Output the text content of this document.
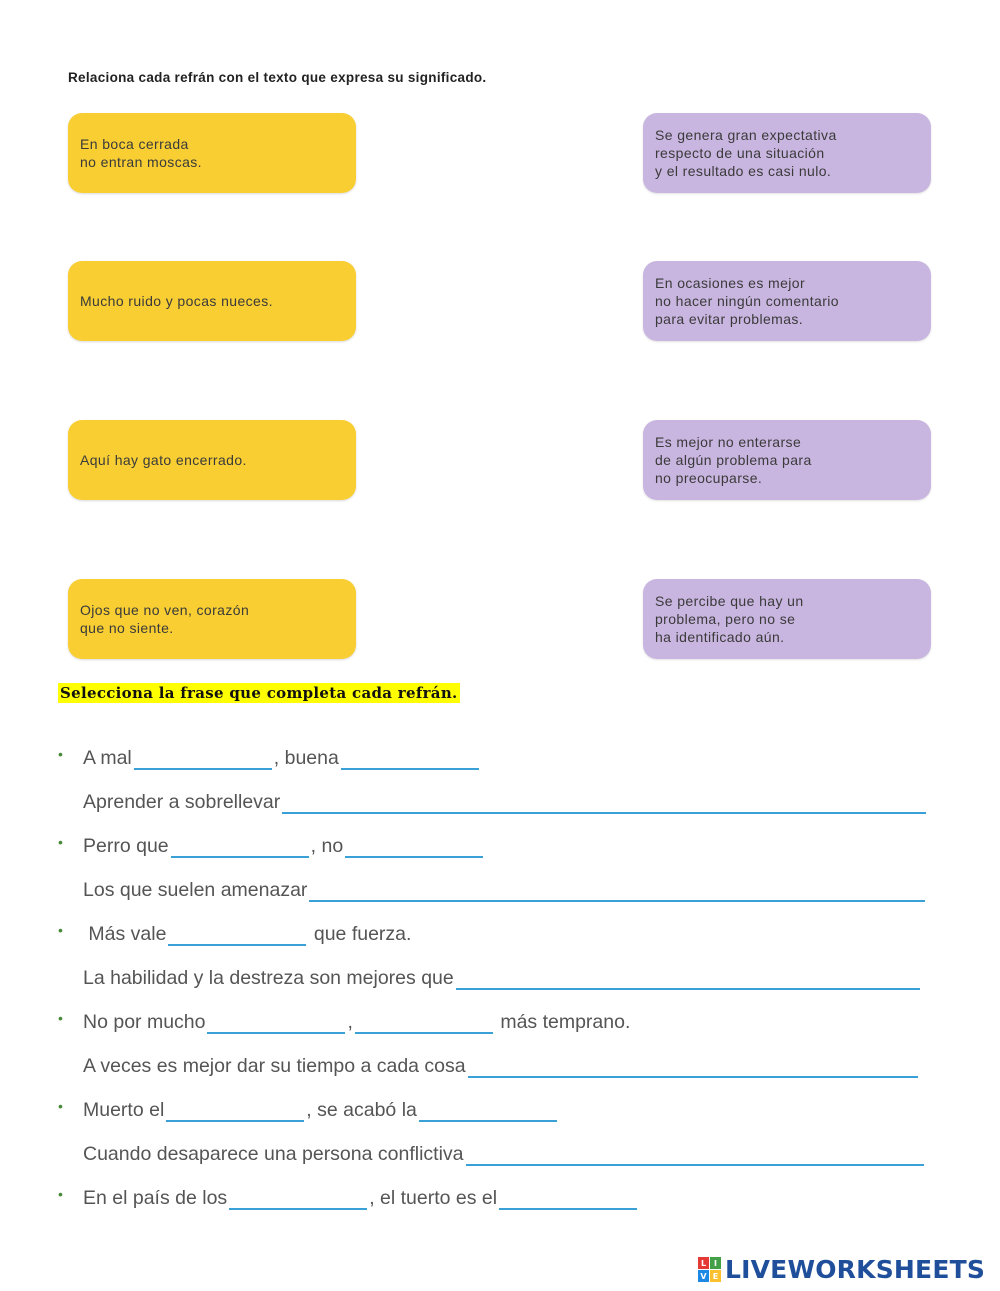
Relaciona cada refrán con el texto que expresa su significado.
En boca cerrada
no entran moscas.
Mucho ruido y pocas nueces.
Aquí hay gato encerrado.
Ojos que no ven, corazón
que no siente.
Se genera gran expectativa
respecto de una situación
y el resultado es casi nulo.
En ocasiones es mejor
no hacer ningún comentario
para evitar problemas.
Es mejor no enterarse
de algún problema para
no preocuparse.
Se percibe que hay un
problema, pero no se
ha identificado aún.
Selecciona la frase que completa cada refrán.
• A mal	, buena
Aprender a sobrellevar
• Perro que	, no
Los que suelen amenazar
• Más vale	que fuerza.
La habilidad y la destreza son mejores que
• No por mucho	,	más temprano.
A veces es mejor dar su tiempo a cada cosa
• Muerto el	, se acabó la
Cuando desaparece una persona conflictiva
• En el país de los	, el tuerto es el
L I
V E LIVEWORKSHEETS
